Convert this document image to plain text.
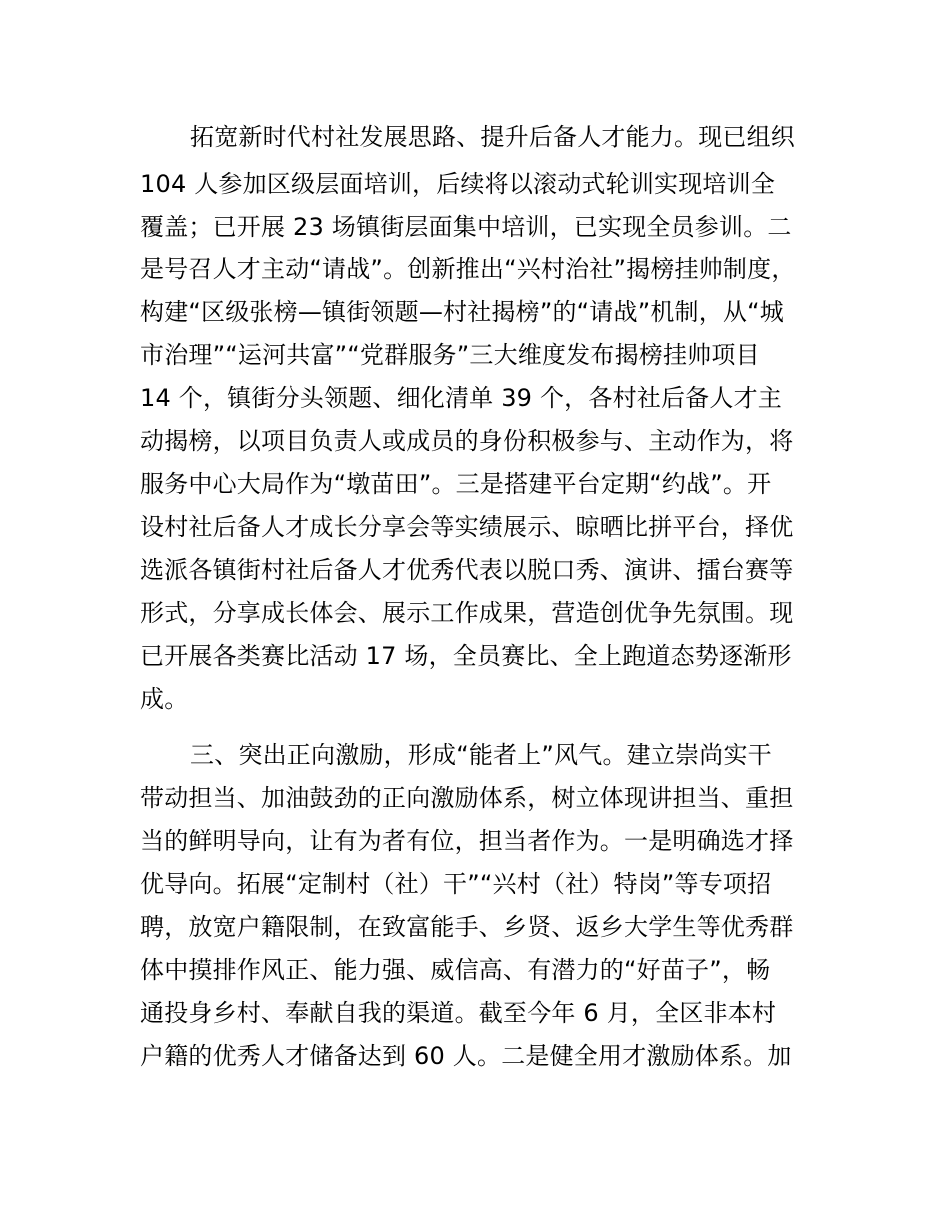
拓宽新时代村社发展思路、提升后备人才能力。现已组织
104 人参加区级层面培训，后续将以滚动式轮训实现培训全
覆盖；已开展 23 场镇街层面集中培训，已实现全员参训。二
是号召人才主动“请战”。创新推出“兴村治社”揭榜挂帅制度，
构建“区级张榜—镇街领题—村社揭榜”的“请战”机制，从“城
市治理”“运河共富”“党群服务”三大维度发布揭榜挂帅项目
14 个，镇街分头领题、细化清单 39 个，各村社后备人才主
动揭榜，以项目负责人或成员的身份积极参与、主动作为，将
服务中心大局作为“墩苗田”。三是搭建平台定期“约战”。开
设村社后备人才成长分享会等实绩展示、晾晒比拼平台，择优
选派各镇街村社后备人才优秀代表以脱口秀、演讲、擂台赛等
形式，分享成长体会、展示工作成果，营造创优争先氛围。现
已开展各类赛比活动 17 场，全员赛比、全上跑道态势逐渐形
成。
三、突出正向激励，形成“能者上”风气。建立崇尚实干
带动担当、加油鼓劲的正向激励体系，树立体现讲担当、重担
当的鲜明导向，让有为者有位，担当者作为。一是明确选才择
优导向。拓展“定制村（社）干”“兴村（社）特岗”等专项招
聘，放宽户籍限制，在致富能手、乡贤、返乡大学生等优秀群
体中摸排作风正、能力强、威信高、有潜力的“好苗子”，畅
通投身乡村、奉献自我的渠道。截至今年 6 月，全区非本村
户籍的优秀人才储备达到 60 人。二是健全用才激励体系。加
